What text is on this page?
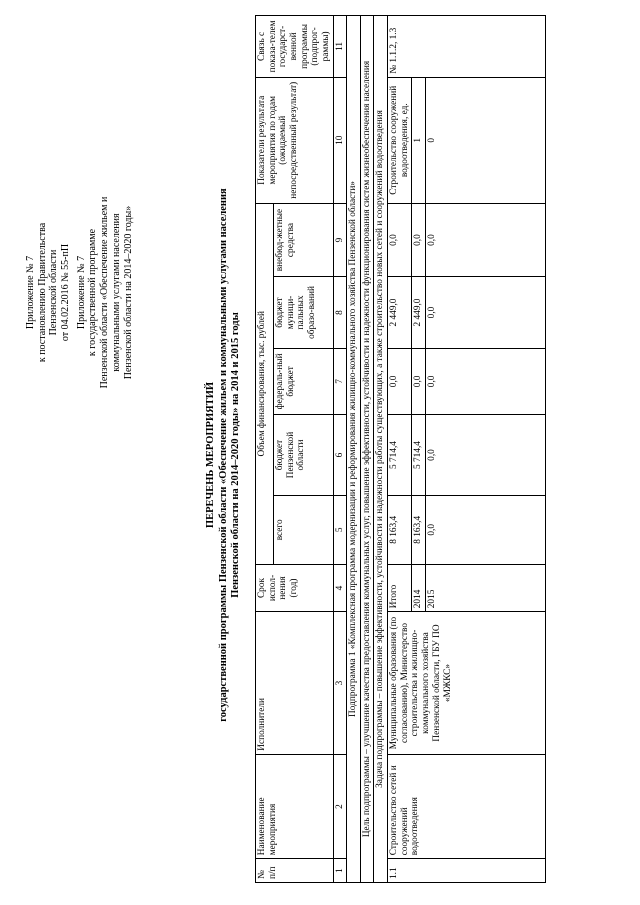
Приложение № 7 к постановлению Правительства Пензенской области от 04.02.2016 № 55-пП Приложение № 7 к государственной программе Пензенской области «Обеспечение жильем и коммунальными услугами населения Пензенской области на 2014–2020 годы»
ПЕРЕЧЕНЬ МЕРОПРИЯТИЙ государственной программы Пензенской области «Обеспечение жильем и коммунальными услугами населения Пензенской области на 2014–2020 годы» на 2014 и 2015 годы
№ п/п	Наименование мероприятия	Исполнители	Срок испол-нения (год)	Объем финансирования, тыс. рублей					Показатели результата мероприятия по годам (ожидаемый непосредственный результат)	Связь с показа-телем государст-венной программы (подпрог-раммы)
				всего	бюджет Пензенской области	федераль-ный бюджет	бюджет муници-пальных образо-ваний	внебюд-жетные средства		
1	2	3	4	5	6	7	8	9	10	11
Подпрограмма 1 «Комплексная программа модернизации и реформирования жилищно-коммунального хозяйства Пензенской области»										
Цель подпрограммы – улучшение качества предоставления коммунальных услуг, повышение эффективности, устойчивости и надежности функционирования систем жизнеобеспечения населения										
Задача подпрограммы – повышение эффективности, устойчивости и надежности работы существующих, а также строительство новых сетей и сооружений водоотведения										
1.1	Строительство сетей и сооружений водоотведения	Муниципальные образования (по согласованию), Министерство строительства и жилищно-коммунального хозяйства Пензенской области, ГБУ ПО «МЖКС»	Итого	8 163,4	5 714,4	0,0	2 449,0	0,0	Строительство сооружений водоотведения, ед.	№ 1.1.2, 1.3
			2014	8 163,4	5 714,4	0,0	2 449,0	0,0	1	
			2015	0,0	0,0	0,0	0,0	0,0	0	
